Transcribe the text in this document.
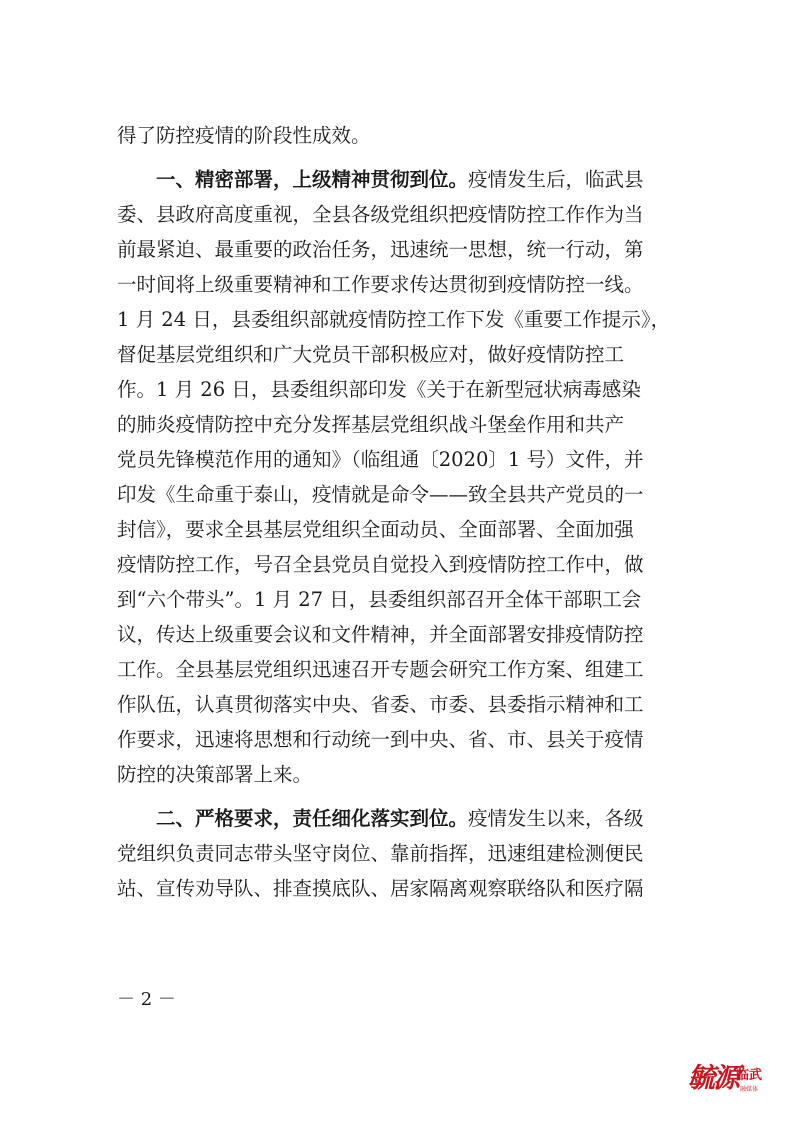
得了防控疫情的阶段性成效。
一、精密部署，上级精神贯彻到位。疫情发生后，临武县
委、县政府高度重视，全县各级党组织把疫情防控工作作为当
前最紧迫、最重要的政治任务，迅速统一思想，统一行动，第
一时间将上级重要精神和工作要求传达贯彻到疫情防控一线。
1 月 24 日，县委组织部就疫情防控工作下发《重要工作提示》，
督促基层党组织和广大党员干部积极应对，做好疫情防控工
作。1 月 26 日，县委组织部印发《关于在新型冠状病毒感染
的肺炎疫情防控中充分发挥基层党组织战斗堡垒作用和共产
党员先锋模范作用的通知》（临组通〔2020〕1 号）文件，并
印发《生命重于泰山，疫情就是命令——致全县共产党员的一
封信》，要求全县基层党组织全面动员、全面部署、全面加强
疫情防控工作，号召全县党员自觉投入到疫情防控工作中，做
到“六个带头”。1 月 27 日，县委组织部召开全体干部职工会
议，传达上级重要会议和文件精神，并全面部署安排疫情防控
工作。全县基层党组织迅速召开专题会研究工作方案、组建工
作队伍，认真贯彻落实中央、省委、市委、县委指示精神和工
作要求，迅速将思想和行动统一到中央、省、市、县关于疫情
防控的决策部署上来。
二、严格要求，责任细化落实到位。疫情发生以来，各级
党组织负责同志带头坚守岗位、靠前指挥，迅速组建检测便民
站、宣传劝导队、排查摸底队、居家隔离观察联络队和医疗隔
－ 2 －
毓源
临武
融媒体
